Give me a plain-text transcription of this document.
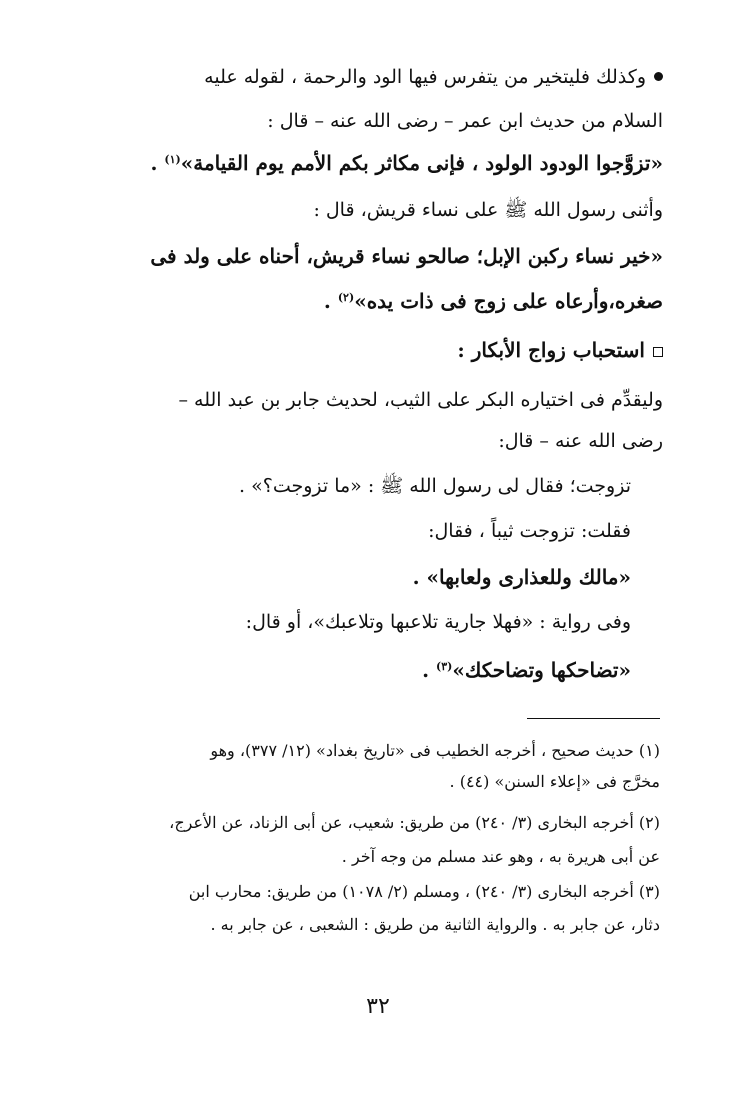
وكذلك فليتخير من يتفرس فيها الود والرحمة ، لقوله عليه
السلام من حديث ابن عمر – رضى الله عنه – قال :
«تزوَّجوا الودود الولود ، فإنى مكاثر بكم الأمم يوم القيامة»$^{(١)}$ .
وأثنى رسول الله ﷺ على نساء قريش، قال :
«خير نساء ركبن الإبل؛ صالحو نساء قريش، أحناه على ولد فى
صغره،وأرعاه على زوج فى ذات يده»$^{(٢)}$ .
استحباب زواج الأبكار :
وليقدِّم فى اختياره البكر على الثيب، لحديث جابر بن عبد الله –
رضى الله عنه – قال:
تزوجت؛ فقال لى رسول الله ﷺ : «ما تزوجت؟» .
فقلت: تزوجت ثيباً ، فقال:
«مالك وللعذارى ولعابها» .
وفى رواية : «فهلا جارية تلاعبها وتلاعبك»، أو قال:
«تضاحكها وتضاحكك»$^{(٣)}$ .
(١) حديث صحيح ، أخرجه الخطيب فى «تاريخ بغداد» (١٢/ ٣٧٧)، وهو
مخرَّج فى «إعلاء السنن» (٤٤) .
(٢) أخرجه البخارى (٣/ ٢٤٠) من طريق: شعيب، عن أبى الزناد، عن الأعرج،
عن أبى هريرة به ، وهو عند مسلم من وجه آخر .
(٣) أخرجه البخارى (٣/ ٢٤٠) ، ومسلم (٢/ ١٠٧٨) من طريق: محارب ابن
دثار، عن جابر به . والرواية الثانية من طريق : الشعبى ، عن جابر به .
٣٢
